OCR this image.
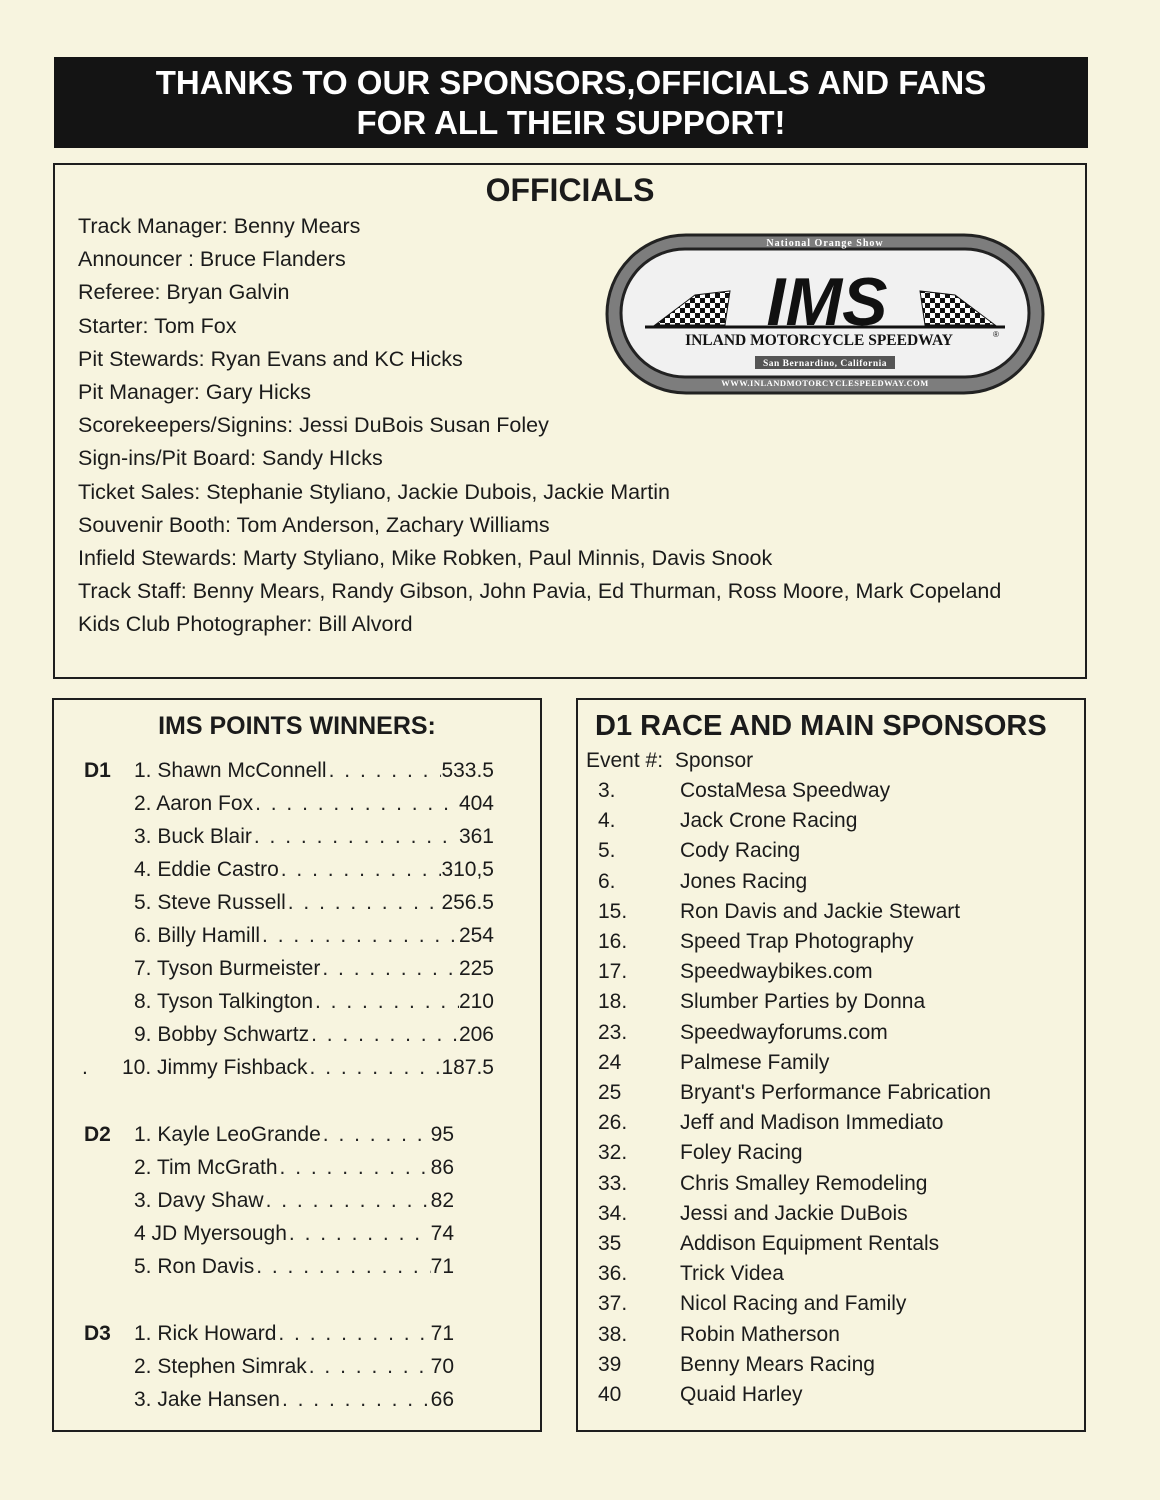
THANKS TO OUR SPONSORS,OFFICIALS AND FANS
FOR ALL THEIR SUPPORT!
OFFICIALS
Track Manager: Benny Mears
Announcer : Bruce Flanders
Referee: Bryan Galvin
Starter: Tom Fox
Pit Stewards: Ryan Evans and KC Hicks
Pit Manager: Gary Hicks
Scorekeepers/Signins: Jessi DuBois Susan Foley
Sign-ins/Pit Board: Sandy HIcks
Ticket Sales: Stephanie Styliano, Jackie Dubois, Jackie Martin
Souvenir Booth: Tom Anderson, Zachary Williams
Infield Stewards: Marty Styliano, Mike Robken, Paul Minnis, Davis Snook
Track Staff: Benny Mears, Randy Gibson, John Pavia, Ed Thurman, Ross Moore, Mark Copeland
Kids Club Photographer: Bill Alvord
National Orange Show
IMS
INLAND MOTORCYCLE SPEEDWAY	®
San Bernardino, California
WWW.INLANDMOTORCYCLESPEEDWAY.COM
IMS POINTS WINNERS:
D1 1. Shawn McConnell . . .	533.5
2. Aaron Fox . . .	404
3. Buck Blair . . .	361
4. Eddie Castro . . .	310,5
5. Steve Russell . . .	256.5
6. Billy Hamill . . .	254
7. Tyson Burmeister . . .	225
8. Tyson Talkington . . .	210
9. Bobby Schwartz . . .	206
. 10. Jimmy Fishback . . .	187.5
D2 1. Kayle LeoGrande . . .	95
2. Tim McGrath . . .	86
3. Davy Shaw . . .	82
4 JD Myersough . . .	74
5. Ron Davis . . .	71
D3 1. Rick Howard . . .	71
2. Stephen Simrak . . .	70
3. Jake Hansen . . .	66
D1 RACE AND MAIN SPONSORS
Event #: Sponsor
3.	CostaMesa Speedway
4.	Jack Crone Racing
5.	Cody Racing
6.	Jones Racing
15.	Ron Davis and Jackie Stewart
16.	Speed Trap Photography
17.	Speedwaybikes.com
18.	Slumber Parties by Donna
23.	Speedwayforums.com
24	Palmese Family
25	Bryant's Performance Fabrication
26.	Jeff and Madison Immediato
32.	Foley Racing
33.	Chris Smalley Remodeling
34.	Jessi and Jackie DuBois
35	Addison Equipment Rentals
36.	Trick Videa
37.	Nicol Racing and Family
38.	Robin Matherson
39	Benny Mears Racing
40	Quaid Harley
